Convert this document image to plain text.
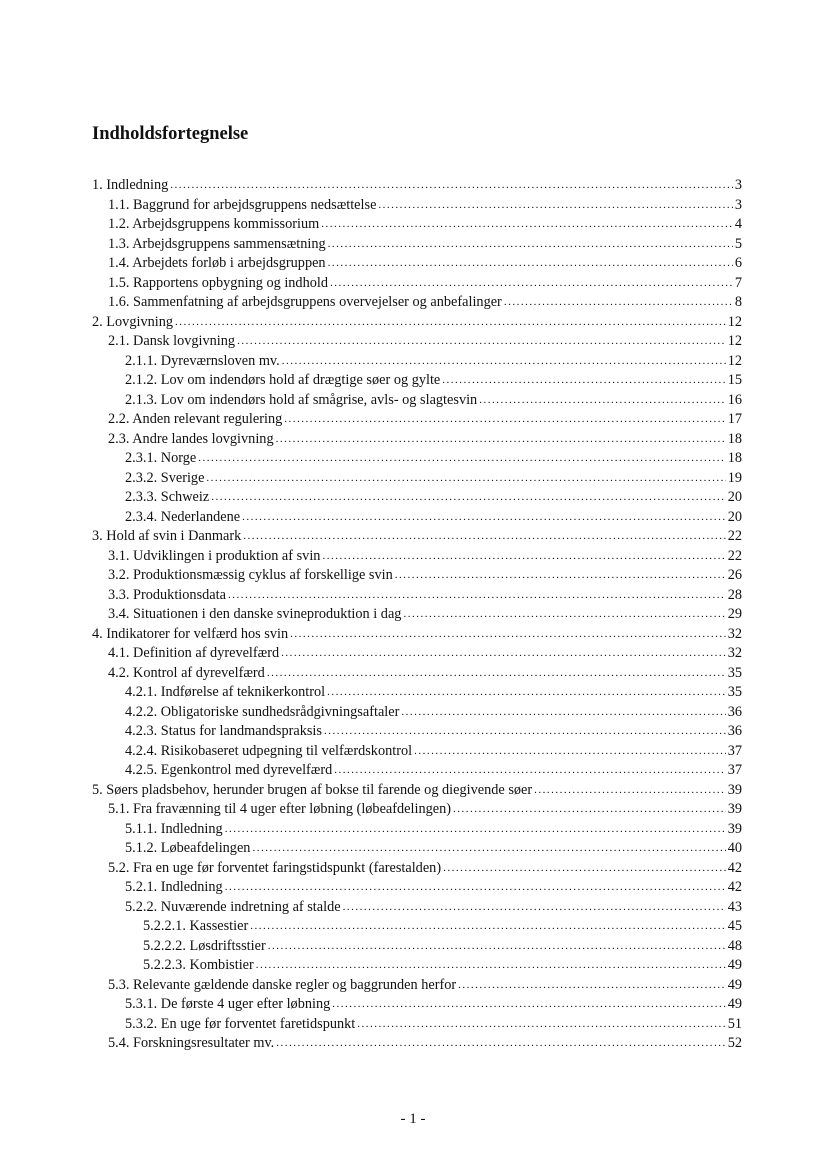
Indholdsfortegnelse
1. Indledning .....	3
1.1. Baggrund for arbejdsgruppens nedsættelse .....	3
1.2. Arbejdsgruppens kommissorium .....	4
1.3. Arbejdsgruppens sammensætning .....	5
1.4. Arbejdets forløb i arbejdsgruppen .....	6
1.5. Rapportens opbygning og indhold .....	7
1.6. Sammenfatning af arbejdsgruppens overvejelser og anbefalinger .....	8
2. Lovgivning .....	12
2.1. Dansk lovgivning .....	12
2.1.1. Dyreværnsloven mv. .....	12
2.1.2. Lov om indendørs hold af drægtige søer og gylte .....	15
2.1.3. Lov om indendørs hold af smågrise, avls- og slagtesvin .....	16
2.2. Anden relevant regulering .....	17
2.3. Andre landes lovgivning .....	18
2.3.1. Norge .....	18
2.3.2. Sverige .....	19
2.3.3. Schweiz .....	20
2.3.4. Nederlandene .....	20
3. Hold af svin i Danmark .....	22
3.1. Udviklingen i produktion af svin .....	22
3.2. Produktionsmæssig cyklus af forskellige svin .....	26
3.3. Produktionsdata .....	28
3.4. Situationen i den danske svineproduktion i dag .....	29
4. Indikatorer for velfærd hos svin .....	32
4.1. Definition af dyrevelfærd .....	32
4.2. Kontrol af dyrevelfærd .....	35
4.2.1. Indførelse af teknikerkontrol .....	35
4.2.2. Obligatoriske sundhedsrådgivningsaftaler .....	36
4.2.3. Status for landmandspraksis .....	36
4.2.4. Risikobaseret udpegning til velfærdskontrol .....	37
4.2.5. Egenkontrol med dyrevelfærd .....	37
5. Søers pladsbehov, herunder brugen af bokse til farende og diegivende søer .....	39
5.1. Fra fravænning til 4 uger efter løbning (løbeafdelingen) .....	39
5.1.1. Indledning .....	39
5.1.2. Løbeafdelingen .....	40
5.2. Fra en uge før forventet faringstidspunkt (farestalden) .....	42
5.2.1. Indledning .....	42
5.2.2. Nuværende indretning af stalde .....	43
5.2.2.1. Kassestier .....	45
5.2.2.2. Løsdriftsstier .....	48
5.2.2.3. Kombistier .....	49
5.3. Relevante gældende danske regler og baggrunden herfor .....	49
5.3.1. De første 4 uger efter løbning .....	49
5.3.2. En uge før forventet faretidspunkt .....	51
5.4. Forskningsresultater mv. .....	52
- 1 -
